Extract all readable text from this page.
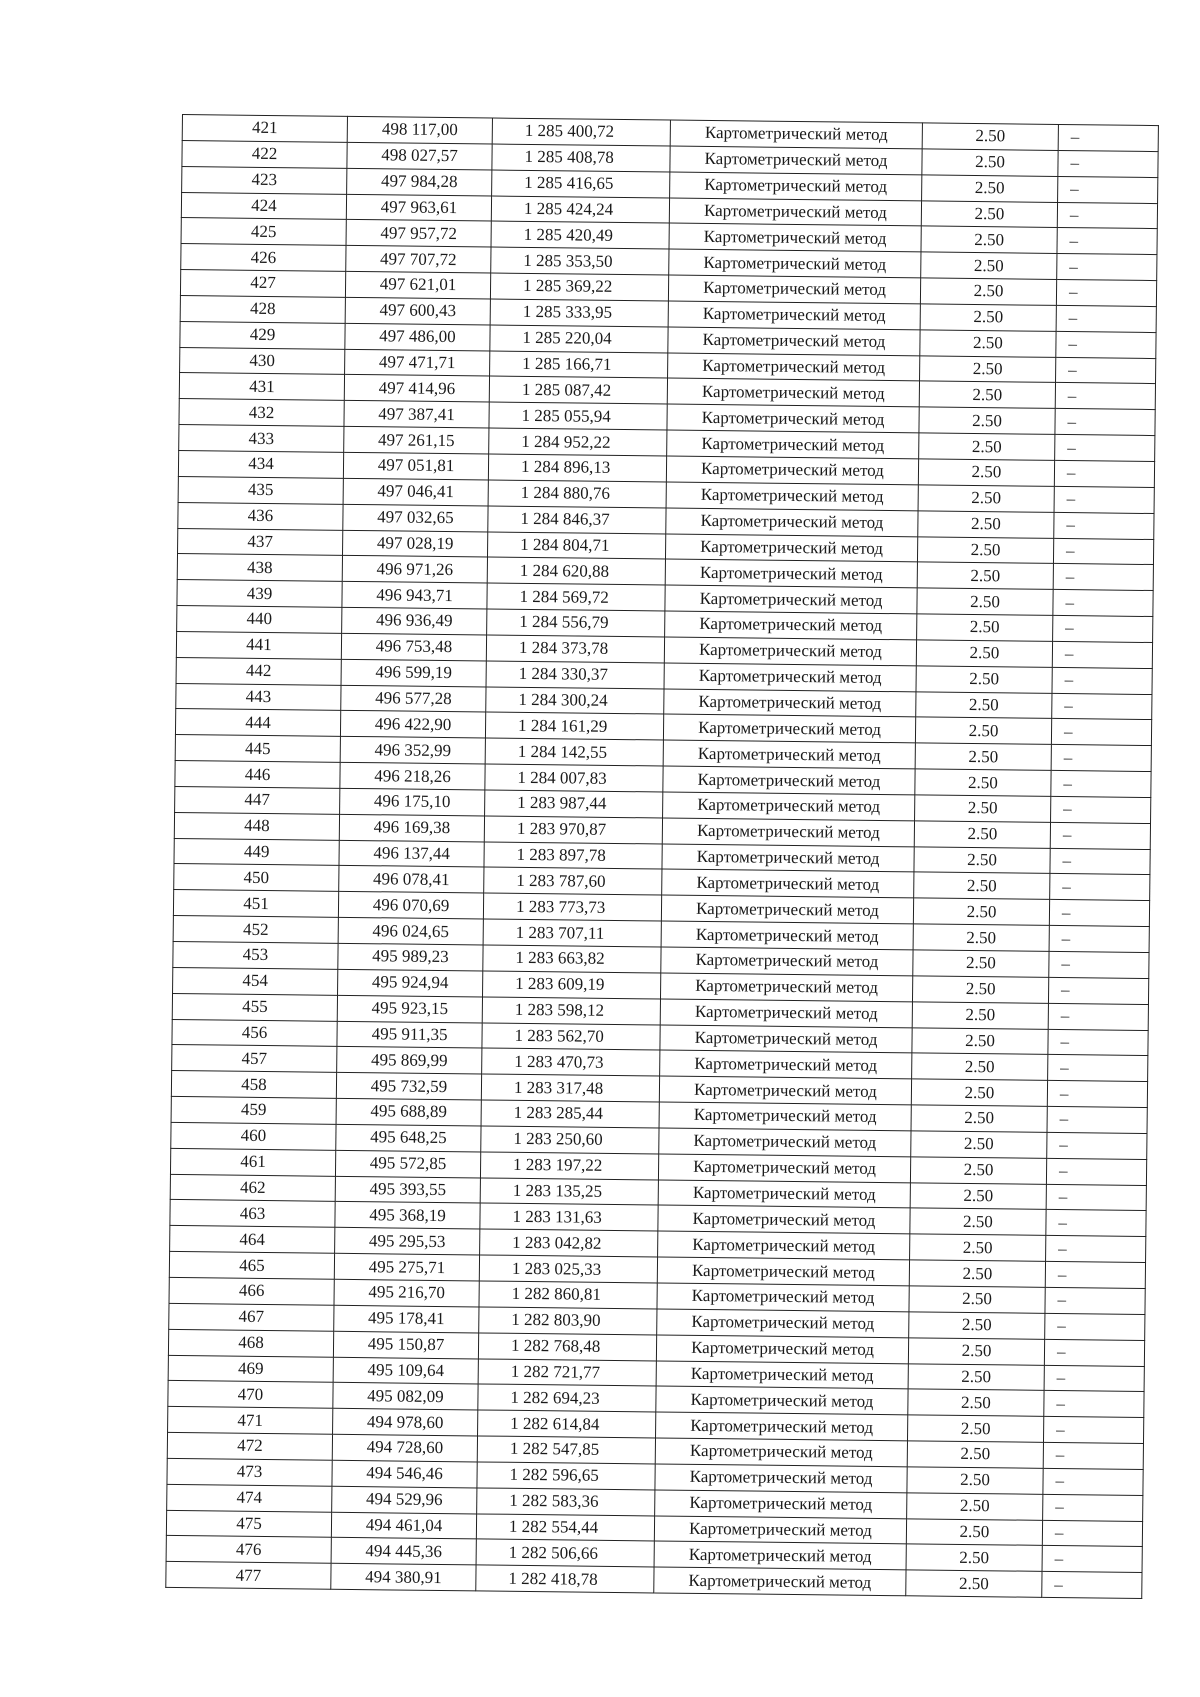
421	498 117,00	1 285 400,72	Картометрический метод	2.50	–
422	498 027,57	1 285 408,78	Картометрический метод	2.50	–
423	497 984,28	1 285 416,65	Картометрический метод	2.50	–
424	497 963,61	1 285 424,24	Картометрический метод	2.50	–
425	497 957,72	1 285 420,49	Картометрический метод	2.50	–
426	497 707,72	1 285 353,50	Картометрический метод	2.50	–
427	497 621,01	1 285 369,22	Картометрический метод	2.50	–
428	497 600,43	1 285 333,95	Картометрический метод	2.50	–
429	497 486,00	1 285 220,04	Картометрический метод	2.50	–
430	497 471,71	1 285 166,71	Картометрический метод	2.50	–
431	497 414,96	1 285 087,42	Картометрический метод	2.50	–
432	497 387,41	1 285 055,94	Картометрический метод	2.50	–
433	497 261,15	1 284 952,22	Картометрический метод	2.50	–
434	497 051,81	1 284 896,13	Картометрический метод	2.50	–
435	497 046,41	1 284 880,76	Картометрический метод	2.50	–
436	497 032,65	1 284 846,37	Картометрический метод	2.50	–
437	497 028,19	1 284 804,71	Картометрический метод	2.50	–
438	496 971,26	1 284 620,88	Картометрический метод	2.50	–
439	496 943,71	1 284 569,72	Картометрический метод	2.50	–
440	496 936,49	1 284 556,79	Картометрический метод	2.50	–
441	496 753,48	1 284 373,78	Картометрический метод	2.50	–
442	496 599,19	1 284 330,37	Картометрический метод	2.50	–
443	496 577,28	1 284 300,24	Картометрический метод	2.50	–
444	496 422,90	1 284 161,29	Картометрический метод	2.50	–
445	496 352,99	1 284 142,55	Картометрический метод	2.50	–
446	496 218,26	1 284 007,83	Картометрический метод	2.50	–
447	496 175,10	1 283 987,44	Картометрический метод	2.50	–
448	496 169,38	1 283 970,87	Картометрический метод	2.50	–
449	496 137,44	1 283 897,78	Картометрический метод	2.50	–
450	496 078,41	1 283 787,60	Картометрический метод	2.50	–
451	496 070,69	1 283 773,73	Картометрический метод	2.50	–
452	496 024,65	1 283 707,11	Картометрический метод	2.50	–
453	495 989,23	1 283 663,82	Картометрический метод	2.50	–
454	495 924,94	1 283 609,19	Картометрический метод	2.50	–
455	495 923,15	1 283 598,12	Картометрический метод	2.50	–
456	495 911,35	1 283 562,70	Картометрический метод	2.50	–
457	495 869,99	1 283 470,73	Картометрический метод	2.50	–
458	495 732,59	1 283 317,48	Картометрический метод	2.50	–
459	495 688,89	1 283 285,44	Картометрический метод	2.50	–
460	495 648,25	1 283 250,60	Картометрический метод	2.50	–
461	495 572,85	1 283 197,22	Картометрический метод	2.50	–
462	495 393,55	1 283 135,25	Картометрический метод	2.50	–
463	495 368,19	1 283 131,63	Картометрический метод	2.50	–
464	495 295,53	1 283 042,82	Картометрический метод	2.50	–
465	495 275,71	1 283 025,33	Картометрический метод	2.50	–
466	495 216,70	1 282 860,81	Картометрический метод	2.50	–
467	495 178,41	1 282 803,90	Картометрический метод	2.50	–
468	495 150,87	1 282 768,48	Картометрический метод	2.50	–
469	495 109,64	1 282 721,77	Картометрический метод	2.50	–
470	495 082,09	1 282 694,23	Картометрический метод	2.50	–
471	494 978,60	1 282 614,84	Картометрический метод	2.50	–
472	494 728,60	1 282 547,85	Картометрический метод	2.50	–
473	494 546,46	1 282 596,65	Картометрический метод	2.50	–
474	494 529,96	1 282 583,36	Картометрический метод	2.50	–
475	494 461,04	1 282 554,44	Картометрический метод	2.50	–
476	494 445,36	1 282 506,66	Картометрический метод	2.50	–
477	494 380,91	1 282 418,78	Картометрический метод	2.50	–
